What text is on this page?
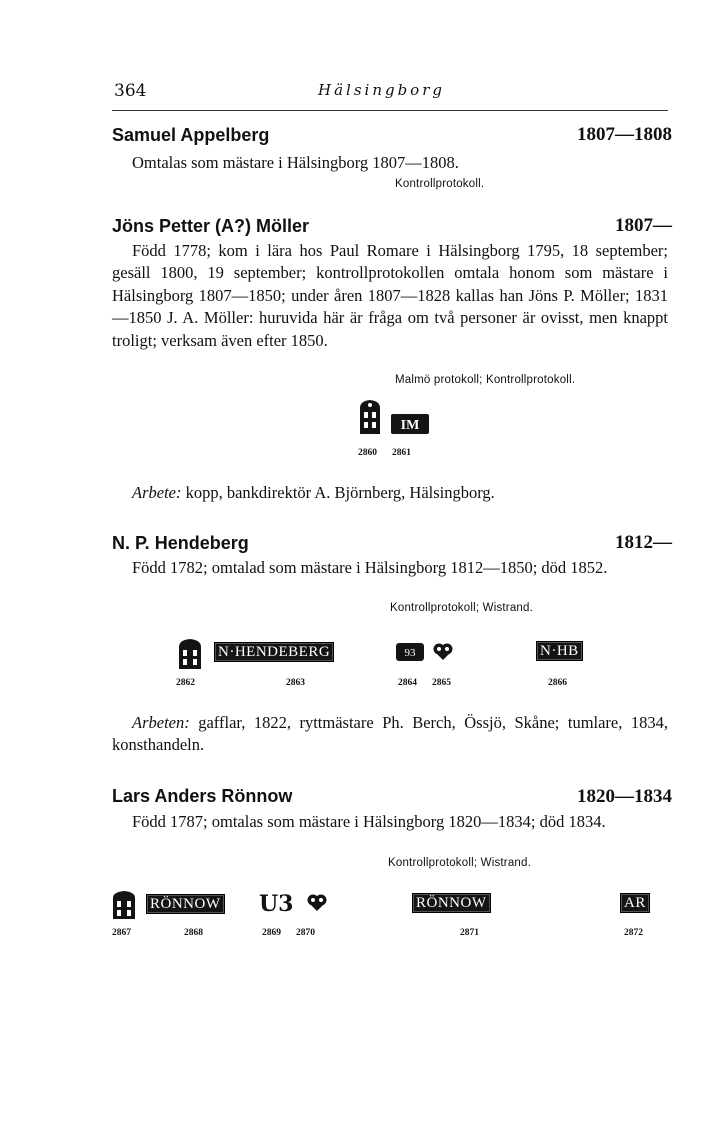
364	Hälsingborg
Samuel Appelberg	1807—1808
Omtalas som mästare i Hälsingborg 1807—1808.
Kontrollprotokoll.
Jöns Petter (A?) Möller	1807—
Född 1778; kom i lära hos Paul Romare i Hälsingborg 1795, 18 september; gesäll 1800, 19 september; kontrollprotokollen omtala honom som mästare i Hälsingborg 1807—1850; under åren 1807—1828 kallas han Jöns P. Möller; 1831—1850 J. A. Möller: huruvida här är fråga om två personer är ovisst, men knappt troligt; verksam även efter 1850.
Malmö protokoll; Kontrollprotokoll.
IM
2860 2861
Arbete: kopp, bankdirektör A. Björnberg, Hälsingborg.
N. P. Hendeberg	1812—
Född 1782; omtalad som mästare i Hälsingborg 1812—1850; död 1852.
Kontrollprotokoll; Wistrand.
N·HENDEBERG	93	N·HB
2862	2863	2864 2865	2866
Arbeten: gafflar, 1822, ryttmästare Ph. Berch, Össjö, Skåne; tumlare, 1834, konsthandeln.
Lars Anders Rönnow	1820—1834
Född 1787; omtalas som mästare i Hälsingborg 1820—1834; död 1834.
Kontrollprotokoll; Wistrand.
RÖNNOW U3	RÖNNOW	AR
2867	2868	2869 2870	2871	2872
